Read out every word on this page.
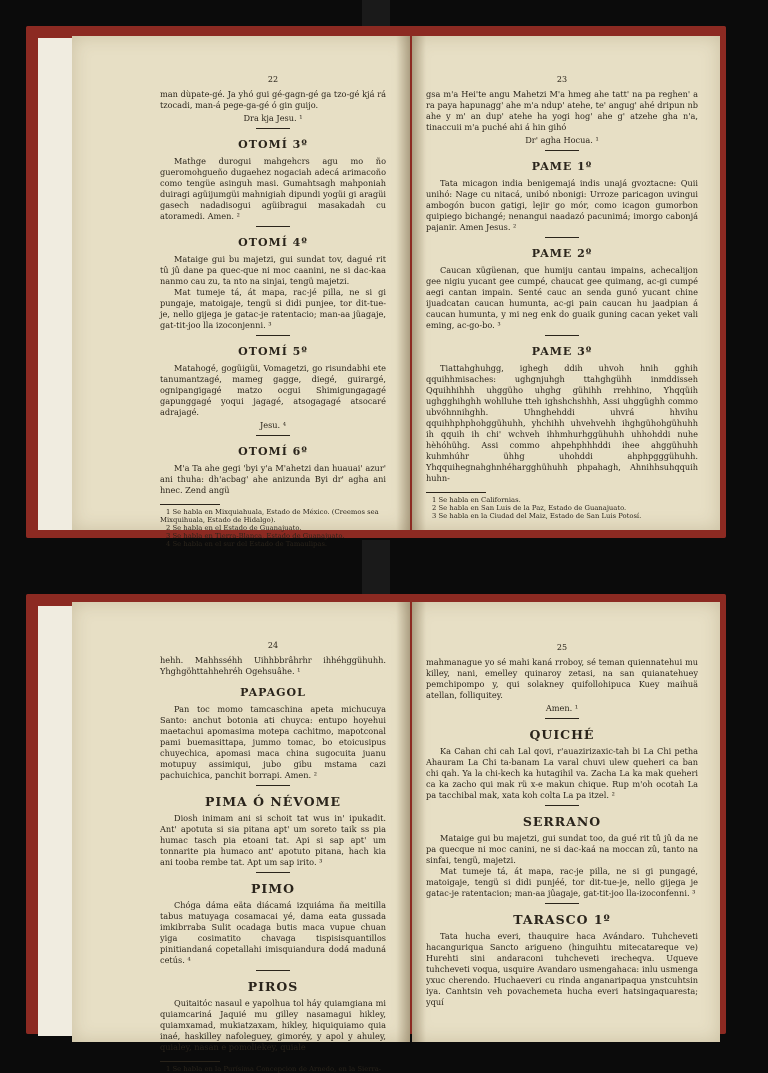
22

man dùpate-gé. Ja yhó gui gé-gagn-gé ga tzo-gé kjá rá tzocadi, man-á pege-ga-gé ó gin guijo.

Dra kja Jesu. ¹

OTOMÍ 3º

Mathge durogui mahgehcrs agu mo ño gueromohgueño dugaehez nogaciah adecá arimacoño como tengüe asinguh masi. Gumahtsagh mahponiah duiragi agüijumgüi mahnigiah dipundi yogüi gi aragüi gasech nadadisogui agüibragui masakadah cu atoramedi. Amen. ²

OTOMÍ 4º

Mataige gui bu majetzi, gui sundat tov, dagué rit tû jû dane pa quec-que ni moc caanini, ne si dac-kaa nanmo cau zu, ta nto na sinjai, tengü majetzi.

Mat tumeje tá, át mapa, rac-jé pilla, ne si gi pungaje, matoigaje, tengü si didi punjee, tor dit-tue-je, nello gijega je gatac-je ratentacio; man-aa jüagaje, gat-tit-joo lla izoconjenni. ³

OTOMÍ 5º

Matahogé, gogüigüi, Vomagetzi, go risundabhi ete tanumantzagé, mameg gagge, diegé, guirargé, ognipangigagé matzo ocgui Shimigungagagé gapunggagé yoqui jagagé, atsogagagé atsocaré adrajagé.

Jesu. ⁴

OTOMÍ 6º

M'a Ta ahe gegi 'byi y'a M'ahetzi dan huauai' azur' ani thuha: dh'acbag' ahe anizunda Byi dr' agha ani hnec. Zend angü

1 Se habla en Mixquiahuala, Estado de México. (Creemos sea Mixquihuala, Estado de Hidalgo).
2 Se habla en el Estado de Guanajuato.
3 Se habla en Tierra-Blanca, Estado de Guanajuato.
4 Se habla en el sur del Estado de Tamaulipas.
23

gsa m'a Hei'te angu Mahetzi M'a hmeg ahe tatt' na pa reghen' a ra paya hapunagg' ahe m'a ndup' atehe, te' angug' ahé dripun nb ahe y m' an dup' atehe ha yogi hog' ahe g' atzehe gha n'a, tinaccuii m'a puché ahi á hin gihó

Dr' agha Hocua. ¹

PAME 1º

Tata micagon india benigemajá indis unajá gvoztacne: Quii unihó: Nage cu nitacá, unibó nbonigi: Urroze paricagon uvingui ambogón bucon gatigi, lejir go mór, como icagon gumorbon quipiego bichangé; nenangui naadazó pacunimá; imorgo cabonjá pajanir. Amen Jesus. ²

PAME 2º

Caucan xügüenan, que humiju cantau impains, achecalijon gee nigiu yucant gee cumpé, chaucat gee quimang, ac-gi cumpé aegi cantan impain. Senté cauc an senda gunó yucant chine ijuadcatan caucan humunta, ac-gi pain caucan hu jaadpian á caucan humunta, y mi neg enk do guaik guning cacan yeket vali eming, ac-go-bo. ³

PAME 3º

Tiattahghuhgg, ighegh ddih uhvoh hnih gghih qquihhmisaches: ughgnjuhgh ttahghgühh inmddisseh Qquihhihhh uhggüho uhghg gühihh rrehhino, Yhqqüih ughgghihghh wohlluhe tteh ighshchshhh, Assi uhggüghh commo ubvóhnnihghh. Uhnghehddi uhvrá hhvihu qquihhphphohggühuhh, yhchihh uhvehvehh ihghgühohgühuhh ih qquih ih chi' wchveh ihhmhurhggühuhh uhhohddi nuhe hèhóhühg. Assi commo ahpehphhhddi ihee ahggühuhh kuhmhúhr ühhg uhohddi ahphpgggühuhh. Yhqquihegnahghnhéhargghühuhh phpahagh, Ahnihhsuhqquih huhn-

1 Se habla en Californias.
2 Se habla en San Luis de la Paz, Estado de Guanajuato.
3 Se habla en la Ciudad del Maiz, Estado de San Luis Potosí.
24

hehh. Mahhsséhh Uihhbbrâhrhr ihhéhggühuhh. Yhghgöhttahhehréh Ogehsuâhe. ¹

PAPAGOL

Pan toc momo tamcaschina apeta michucuya Santo: anchut botonia ati chuyca: entupo hoyehui maetachui apomasima motepa cachitmo, mapotconal pami buemasittapa, jummo tomac, bo etoicusipus chuyechica, apomasi maca china sugocuita juanu motupuy assimiqui, jubo gibu mstama cazi pachuichica, panchit borrapi. Amen. ²

PIMA Ó NÉVOME

Diosh inimam ani si schoit tat wus in' ipukadit. Ant' apotuta si sia pitana apt' um soreto taik ss pia humac tasch pia etoani tat. Api si sap apt' um tonnarite pia humaco ant' apotuto pitana, hach kia ani tooba rembe tat. Apt um sap irito. ³

PIMO

Chóga dáma eäta diácamá izquiáma ña meitilla tabus matuyaga cosamacai yé, dama eata gussada imkibrraba Sulit ocadaga butis maca vupue chuan yiga cosimatito chavaga tispisisquantillos pinitiandaná copetallahi imisquiandura dodá maduná cetús. ⁴

PIROS

Quitaitóc nasaul e yapolhua tol háy quiamgiana mi quiamcariná Jaquié mu gilley nasamagui hikley, quiamxamad, mukiatzaxam, hikley, hiquiquiamo quia inaé, haskilley nafoleguey, gimoréy, y apol y ahuley, quialey, nasan e pomoliekey, quiale

1 Se habla en la Purísima Concepcion de Arnedo, en la Sierra-
25

mahmanague yo sé mahi kaná rroboy, sé teman quiennatehui mu killey, nani, emelley quinaroy zetasi, na san quianatehuey pemchipompo y, qui solakney quifollohipuca Kuey maihuä atellan, folliquitey.

Amen. ¹

QUICHÉ

Ka Cahan chi cah Lal qovi, r'auazirizaxic-tah bi La Chi petha Ahauram La Chi ta-banam La varal chuvi ulew queheri ca ban chi qah. Ya la chi-kech ka hutagihil va. Zacha La ka mak queheri ca ka zacho qui mak rü x-e makun chique. Rup m'oh ocotah La pa tacchibal mak, xata koh colta La pa itzel. ²

SERRANO

Mataige gui bu majetzi, gui sundat too, da gué rit tû jû da ne pa quecque ni moc canini, ne si dac-kaá na moccan zû, tanto na sinfai, tengü, majetzi.

Mat tumeje tá, át mapa, rac-je pilla, ne si gi pungagé, matoigaje, tengü si didi punjéé, tor dit-tue-je, nello gijega je gatac-je ratentacion; man-aa jûagaje, gat-tit-joo lla-izoconfenni. ³

TARASCO 1º

Tata hucha everi, thauquire haca Avándaro. Tuhcheveti hacanguriqua Sancto arigueno (hinguihtu mitecatareque ve) Hurehti sini andaraconi tuhcheveti irecheqva. Uqueve tuhcheveti voqua, usquire Avandaro usmengahaca: inlu usmenga yxuc cherendo. Huchaeveri cu rinda anganaripaqua ynstcuhtsin iya. Canhtsin veh povachemeta hucha everi hatsingaquaresta; yquí
